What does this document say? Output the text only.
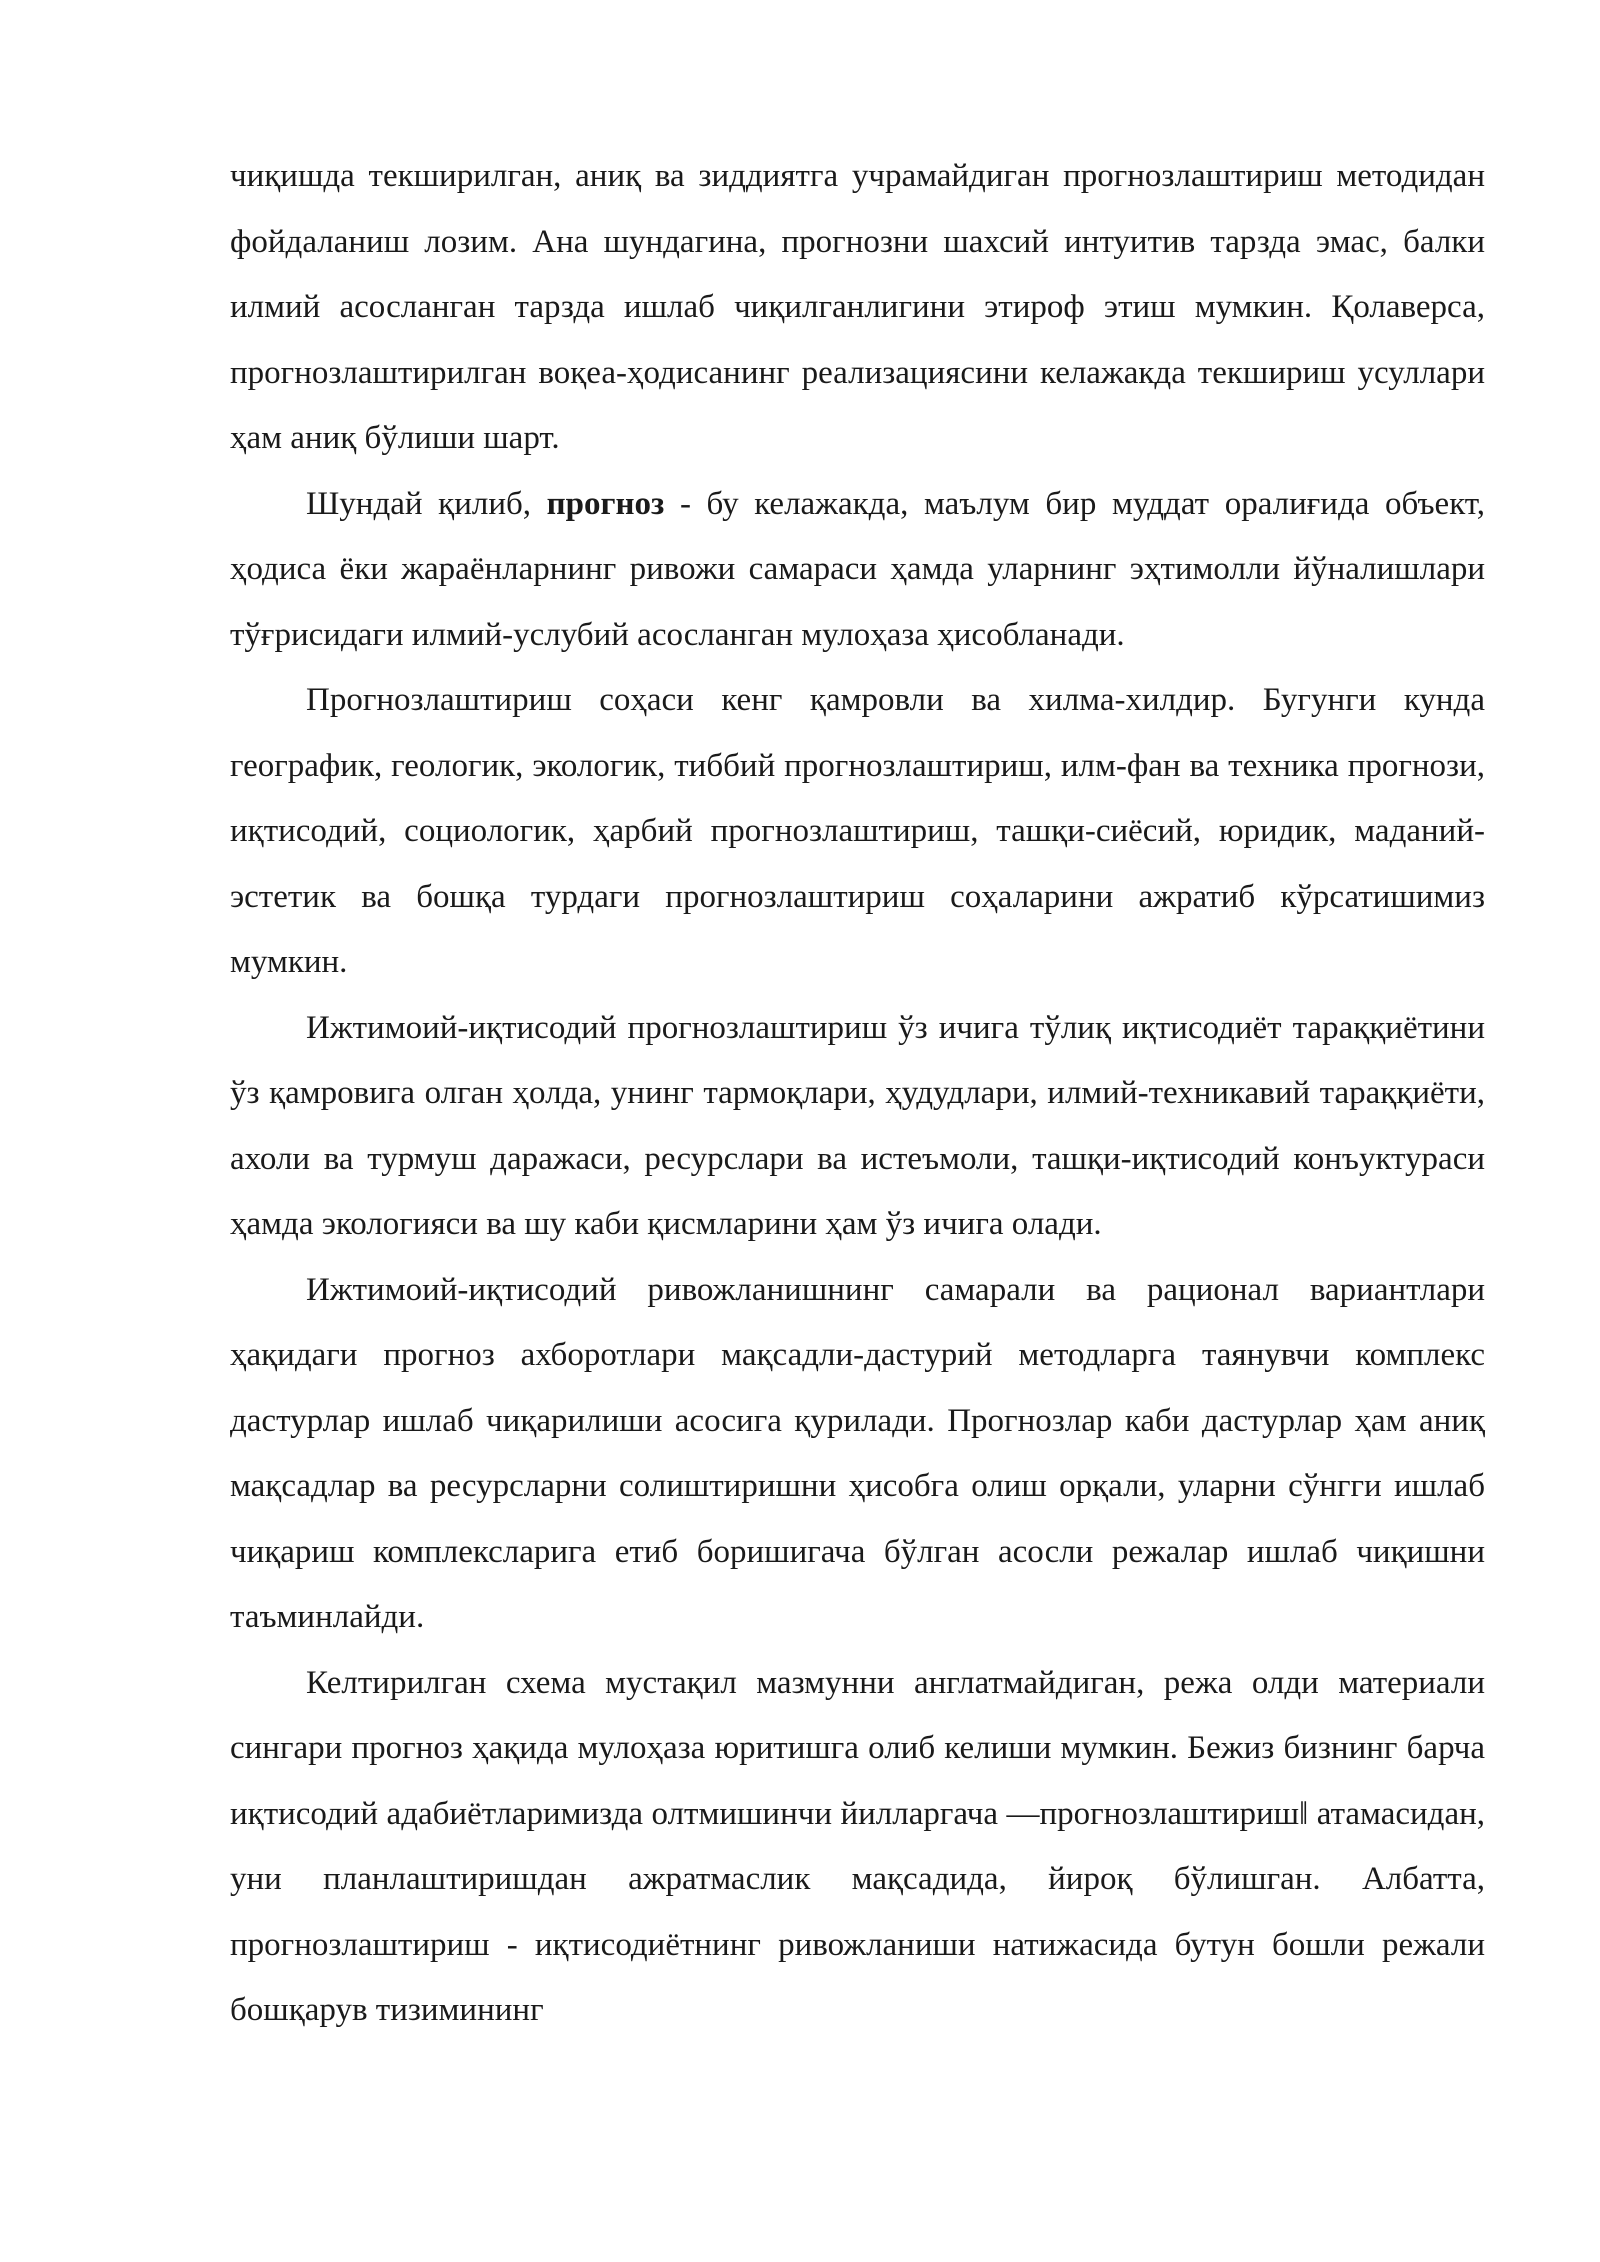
чиқишда текширилган, аниқ ва зиддиятга учрамайдиган прогнозлаштириш методидан фойдаланиш лозим. Ана шундагина, прогнозни шахсий интуитив тарзда эмас, балки илмий асосланган тарзда ишлаб чиқилганлигини этироф этиш мумкин. Қолаверса, прогнозлаштирилган воқеа-ҳодисанинг реализациясини келажакда текшириш усуллари ҳам аниқ бўлиши шарт.

Шундай қилиб, прогноз - бу келажакда, маълум бир муддат оралиғида объект, ҳодиса ёки жараёнларнинг ривожи самараси ҳамда уларнинг эҳтимолли йўналишлари тўғрисидаги илмий-услубий асосланган мулоҳаза ҳисобланади.

Прогнозлаштириш соҳаси кенг қамровли ва хилма-хилдир. Бугунги кунда географик, геологик, экологик, тиббий прогнозлаштириш, илм-фан ва техника прогнози, иқтисодий, социологик, ҳарбий прогнозлаштириш, ташқи-сиёсий, юридик, маданий-эстетик ва бошқа турдаги прогнозлаштириш соҳаларини ажратиб кўрсатишимиз мумкин.

Ижтимоий-иқтисодий прогнозлаштириш ўз ичига тўлиқ иқтисодиёт тараққиётини ўз қамровига олган ҳолда, унинг тармоқлари, ҳудудлари, илмий-техникавий тараққиёти, ахоли ва турмуш даражаси, ресурслари ва истеъмоли, ташқи-иқтисодий конъуктураси ҳамда экологияси ва шу каби қисмларини ҳам ўз ичига олади.

Ижтимоий-иқтисодий ривожланишнинг самарали ва рационал вариантлари ҳақидаги прогноз ахборотлари мақсадли-дастурий методларга таянувчи комплекс дастурлар ишлаб чиқарилиши асосига қурилади. Прогнозлар каби дастурлар ҳам аниқ мақсадлар ва ресурсларни солиштиришни ҳисобга олиш орқали, уларни сўнгги ишлаб чиқариш комплексларига етиб боришигача бўлган асосли режалар ишлаб чиқишни таъминлайди.

Келтирилган схема мустақил мазмунни англатмайдиган, режа олди материали сингари прогноз ҳақида мулоҳаза юритишга олиб келиши мумкин. Бежиз бизнинг барча иқтисодий адабиётларимизда олтмишинчи йилларгача ―прогнозлаштириш‖ атамасидан, уни планлаштиришдан ажратмаслик мақсадида, йироқ бўлишган. Албатта, прогнозлаштириш - иқтисодиётнинг ривожланиши натижасида бутун бошли режали бошқарув тизимининг
